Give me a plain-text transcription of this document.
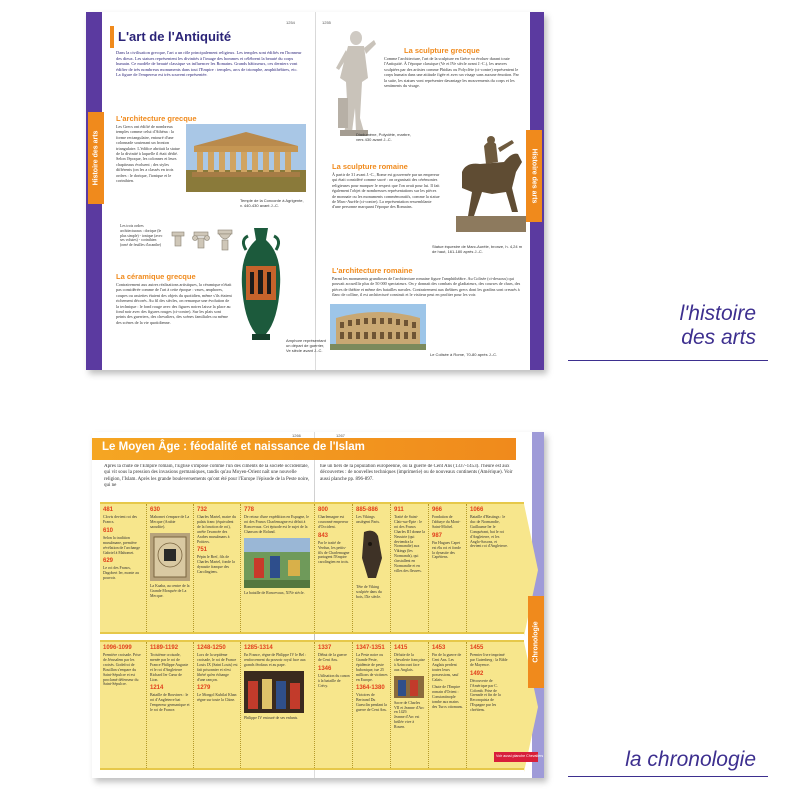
Histoire des arts	Histoire des arts
1254	1255
L'art de l'Antiquité
Dans la civilisation grecque, l'art a un rôle principalement religieux. Les temples sont édifiés en l'honneur des dieux. Les statues représentent les divinités à l'image des hommes et célèbrent la beauté du corps humain. Ce modèle de beauté classique va influencer les Romains. Grands bâtisseurs, ces derniers vont édifier de très nombreux monuments dans tout l'Empire : temples, arcs de triomphe, amphithéâtres, etc. La figure de l'empereur est très souvent représentée.
L'architecture grecque
Les Grecs ont édifié de nombreux temples comme celui d'Athéna : la forme rectangulaire, entouré d'une colonnade soutenant un fronton triangulaire. L'édifice abritait la statue de la divinité à laquelle il était dédié. Selon l'époque, les colonnes et leurs chapiteaux évoluent ; des styles différents (on les a classés en trois ordres : le dorique, l'ionique et le corinthien.
Temple de la Concorde à Agrigente, v. 440-430 avant J.-C.
Les trois ordres architecturaux : dorique (le plus simple) - ionique (avec ses volutes) - corinthien (orné de feuilles d'acanthe)
La céramique grecque
Contrairement aux autres réalisations artistiques, la céramique n'était pas considérée comme de l'art à cette époque : vases, amphores, coupes ou assiettes étaient des objets du quotidien, même s'ils étaient richement décorés. Au fil des siècles, on remarque une évolution de la technique : le fond rouge avec des figures noires laisse la place au fond noir avec des figures rouges (ci-contre). Sur les plats sont peints des guerriers, des chevaliers, des scènes familiales ou même des scènes de la vie quotidienne.
Amphore représentant un départ de guerrier, Ve siècle avant J.-C.
Diadumène, Polyclète, marbre, vers 430 avant J.-C.
La sculpture grecque
Comme l'architecture, l'art de la sculpture en Grèce va évoluer durant toute l'Antiquité. À l'époque classique (Ve et IVe siècle avant J.-C.), les œuvres sculptées par des artistes comme Phidias ou Polyclète (ci-contre) représentent le corps humain dans une attitude figée et avec un visage sans aucune émotion. Par la suite, les statues vont représenter davantage les mouvements du corps et les sentiments du visage.
La sculpture romaine
À partir de 31 avant J.-C., Rome est gouvernée par un empereur qui était considéré comme sacré : on organisait des cérémonies religieuses pour marquer le respect que l'on avait pour lui. Il fait également l'objet de nombreuses représentations sur les pièces de monnaie ou les monuments commémoratifs, comme la statue de Marc-Aurèle (ci-contre). La représentation ressemblante d'une personne marquant l'époque des Romains.
Statue équestre de Marc-Aurèle, bronze, h. 4,24 m de haut, 161-180 après J.-C.
L'architecture romaine
Parmi les monuments grandioses de l'architecture romaine figure l'amphithéâtre. Au Colisée (ci-dessous) qui pouvait accueillir plus de 50 000 spectateurs. On y donnait des combats de gladiateurs, des courses de chars, des pièces de théâtre et même des batailles navales. Contrairement aux théâtres grecs dont les gradins sont creusés à flanc de colline, il est architecturé construit et le visiteur peut en profiter pour les voir.
Le Colisée à Rome, 70-80 après J.-C.
l'histoire
des arts
1266	1267
Le Moyen Âge : féodalité et naissance de l'Islam
Après la chute de l'Empire romain, l'Église s'impose comme l'un des ciments de la société occidentale, qui vit sous la pression des invasions germaniques, tandis qu'au Moyen-Orient naît une nouvelle religion, l'Islam. Après les grande bouleversements qu'ont été pour l'Europe l'épisode de la Peste noire, qui ne
tue un tiers de la population européenne, ou la guerre de Cent Ans (1337-1453). l'heure est aux découvertes : de nouvelles techniques (imprimerie) ou de nouveaux continents (Amérique). Voir aussi planche pp. 896-897.
481
Clovis devient roi des Francs.
610
Selon la tradition musulmane, première révélation de l'archange Gabriel à Mahomet.
629
Le roi des Francs, Dagobert Ier, monte au pouvoir.
630
Mahomet s'empare de La Mecque (Arabie saoudite).
La Kaaba, au centre de la Grande Mosquée de La Mecque.
732
Charles Martel, maire du palais franc (équivalent de la fonction de roi), arrête l'avancée des Arabes musulmans à Poitiers.
751
Pépin le Bref, fils de Charles Martel, fonde la dynastie franque des Carolingiens.
778
De retour d'une expédition en Espagne, le roi des Francs Charlemagne est défait à Roncevaux. Cet épisode est le sujet de la Chanson de Roland.
La bataille de Roncevaux, XIVe siècle.
800
Charlemagne est couronné empereur d'Occident.
843
Par le traité de Verdun, les petits-fils de Charlemagne partagent l'Empire carolingien en trois.
885-886
Les Vikings assiègent Paris.
Tête de Viking sculptée dans du bois, IXe siècle.
911
Traité de Saint-Clair-sur-Epte : le roi des Francs Charles III donne la Neustrie (qui deviendra la Normandie) aux Vikings (les Normands), qui s'installent en Normandie et en villes des fleuves.
966
Fondation de l'abbaye du Mont-Saint-Michel.
987
Fin Hugues Capet est élu roi et fonde la dynastie des Capétiens.
1066
Bataille d'Hastings : le duc de Normandie, Guillaume Ier le Conquérant, bat le roi d'Angleterre, et les Anglo-Saxons, et devient roi d'Angleterre.
1096-1099
Première croisade. Prise de Jérusalem par les croisés. Godefroi de Bouillon s'empare du Saint-Sépulcre et est proclamé défenseur du Saint-Sépulcre.
1189-1192
Troisième croisade, menée par le roi de France Philippe Auguste et le roi d'Angleterre Richard Ier Cœur de Lion.
1214
Bataille de Bouvines : le roi d'Angleterre bat l'empereur germanique et le roi de France.
1248-1250
Lors de la septième croisade, le roi de France Louis IX (Saint Louis) est fait prisonnier et n'est libéré qu'en échange d'une rançon.
1279
Le Mongol Kubilaï Khan règne sur toute la Chine.
1285-1314
En France, règne de Philippe IV le Bel : renforcement du pouvoir royal face aux grands féodaux et au pape.
Philippe IV entouré de ses enfants.
1337
Début de la guerre de Cent Ans.
1346
Utilisation du canon à la bataille de Crécy.
1347-1351
La Peste noire ou Grande Peste, épidémie de peste bubonique, tue 25 millions de victimes en Europe.
1364-1380
Victoires de Bertrand Du Guesclin pendant la guerre de Cent Ans.
1415
Défaite de la chevalerie française à Azincourt face aux Anglais.
Sacre de Charles VII et Jeanne d'Arc en 1429.
Jeanne d'Arc est brûlée vive à Rouen.
1453
Fin de la guerre de Cent Ans. Les Anglais perdent toutes leurs possessions, sauf Calais.
Chute de l'Empire romain d'Orient : Constantinople tombe aux mains des Turcs ottomans.
1455
Premier livre imprimé par Gutenberg : la Bible de Mayence.
1492
Découverte de l'Amérique par C. Colomb. Prise de Grenade et fin de la Reconquista de l'Espagne par les chrétiens.
Chronologie
Voir aussi planche Chevaliers	la chronologie
